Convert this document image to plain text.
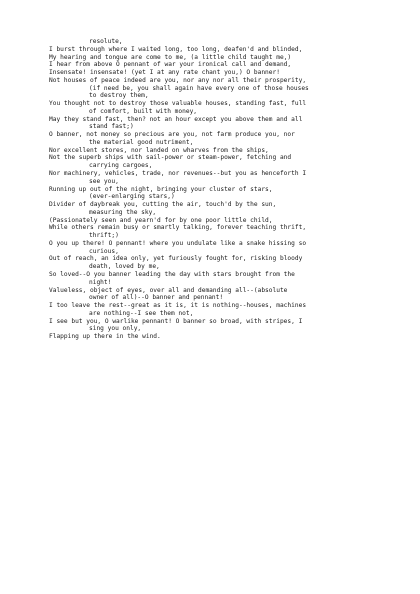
resolute,
I burst through where I waited long, too long, deafen'd and blinded,
My hearing and tongue are come to me, (a little child taught me,)
I hear from above O pennant of war your ironical call and demand,
Insensate! insensate! (yet I at any rate chant you,) O banner!
Not houses of peace indeed are you, nor any nor all their prosperity,
(if need be, you shall again have every one of those houses
to destroy them,
You thought not to destroy those valuable houses, standing fast, full
of comfort, built with money,
May they stand fast, then? not an hour except you above them and all
stand fast;)
O banner, not money so precious are you, not farm produce you, nor
the material good nutriment,
Nor excellent stores, nor landed on wharves from the ships,
Not the superb ships with sail-power or steam-power, fetching and
carrying cargoes,
Nor machinery, vehicles, trade, nor revenues--but you as henceforth I
see you,
Running up out of the night, bringing your cluster of stars,
(ever-enlarging stars,)
Divider of daybreak you, cutting the air, touch'd by the sun,
measuring the sky,
(Passionately seen and yearn'd for by one poor little child,
While others remain busy or smartly talking, forever teaching thrift,
thrift;)
O you up there! O pennant! where you undulate like a snake hissing so
curious,
Out of reach, an idea only, yet furiously fought for, risking bloody
death, loved by me,
So loved--O you banner leading the day with stars brought from the
night!
Valueless, object of eyes, over all and demanding all--(absolute
owner of all)--O banner and pennant!
I too leave the rest--great as it is, it is nothing--houses, machines
are nothing--I see them not,
I see but you, O warlike pennant! O banner so broad, with stripes, I
sing you only,
Flapping up there in the wind.
